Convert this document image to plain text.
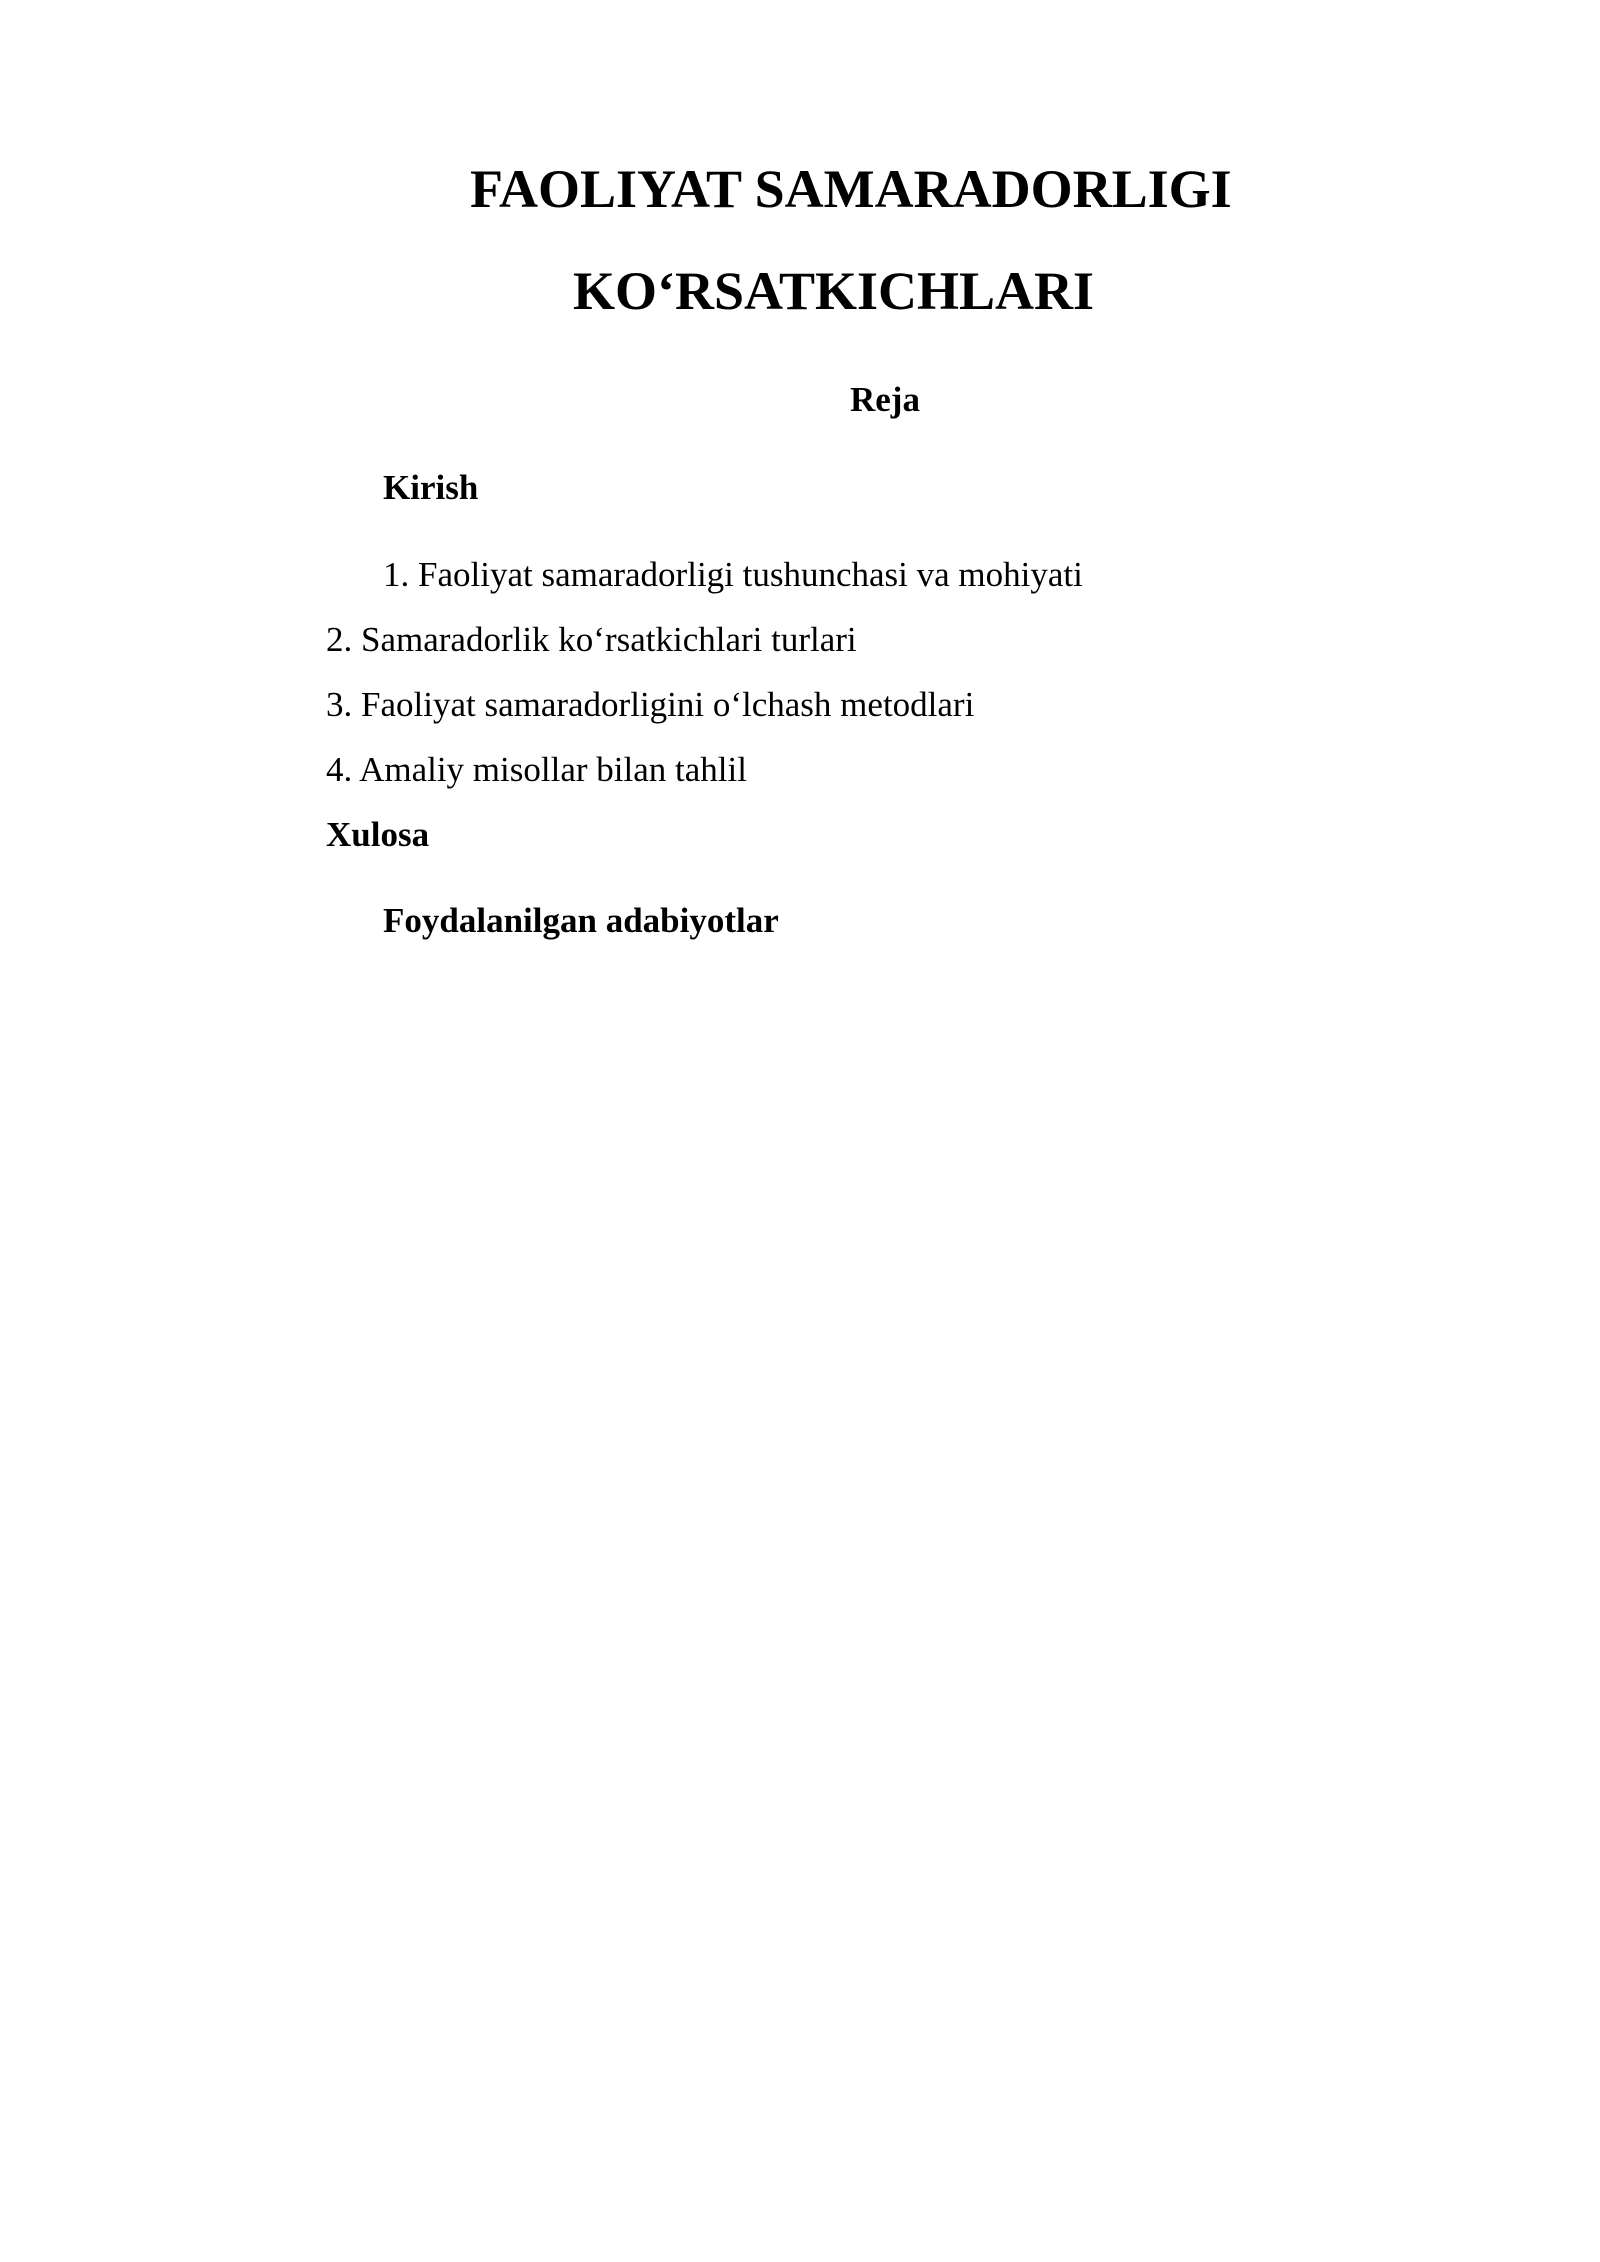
FAOLIYAT SAMARADORLIGI
KO‘RSATKICHLARI
Reja
Kirish
1. Faoliyat samaradorligi tushunchasi va mohiyati
2. Samaradorlik ko‘rsatkichlari turlari
3. Faoliyat samaradorligini o‘lchash metodlari
4. Amaliy misollar bilan tahlil
Xulosa
Foydalanilgan adabiyotlar
